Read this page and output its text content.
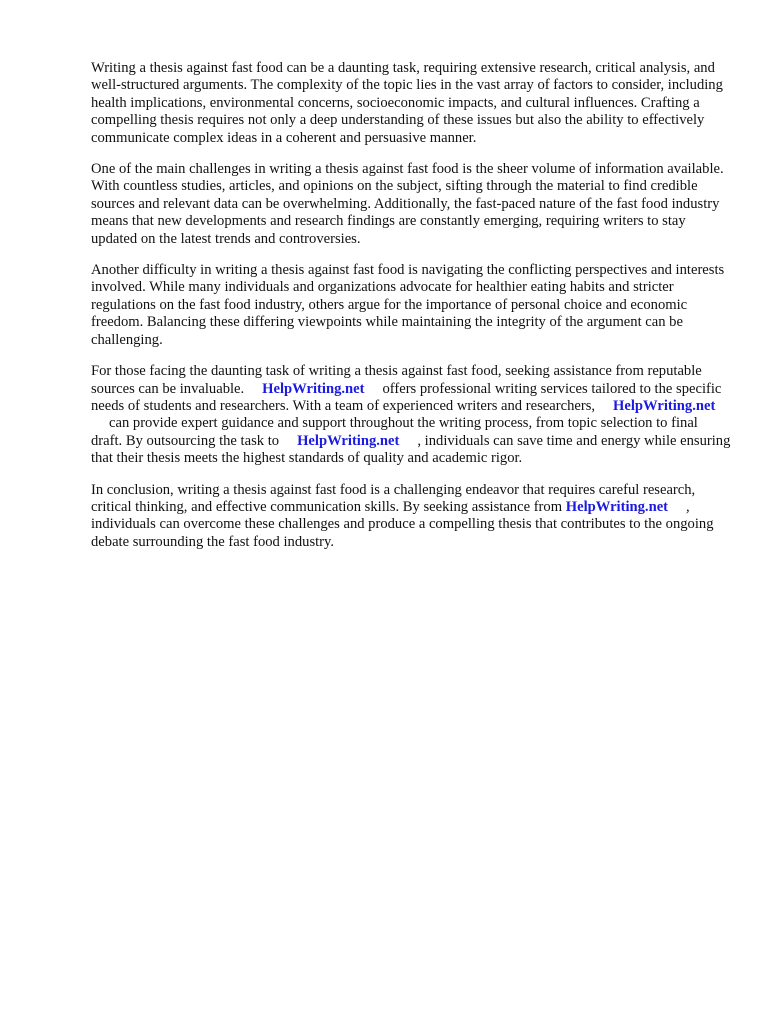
Writing a thesis against fast food can be a daunting task, requiring extensive research, critical analysis, and well-structured arguments. The complexity of the topic lies in the vast array of factors to consider, including health implications, environmental concerns, socioeconomic impacts, and cultural influences. Crafting a compelling thesis requires not only a deep understanding of these issues but also the ability to effectively communicate complex ideas in a coherent and persuasive manner.

One of the main challenges in writing a thesis against fast food is the sheer volume of information available. With countless studies, articles, and opinions on the subject, sifting through the material to find credible sources and relevant data can be overwhelming. Additionally, the fast-paced nature of the fast food industry means that new developments and research findings are constantly emerging, requiring writers to stay updated on the latest trends and controversies.

Another difficulty in writing a thesis against fast food is navigating the conflicting perspectives and interests involved. While many individuals and organizations advocate for healthier eating habits and stricter regulations on the fast food industry, others argue for the importance of personal choice and economic freedom. Balancing these differing viewpoints while maintaining the integrity of the argument can be challenging.

For those facing the daunting task of writing a thesis against fast food, seeking assistance from reputable sources can be invaluable. HelpWriting.net offers professional writing services tailored to the specific needs of students and researchers. With a team of experienced writers and researchers, HelpWriting.netcan provide expert guidance and support throughout the writing process, from topic selection to final draft. By outsourcing the task to HelpWriting.net , individuals can save time and energy while ensuring that their thesis meets the highest standards of quality and academic rigor.

In conclusion, writing a thesis against fast food is a challenging endeavor that requires careful research, critical thinking, and effective communication skills. By seeking assistance from HelpWriting.net , individuals can overcome these challenges and produce a compelling thesis that contributes to the ongoing debate surrounding the fast food industry.
